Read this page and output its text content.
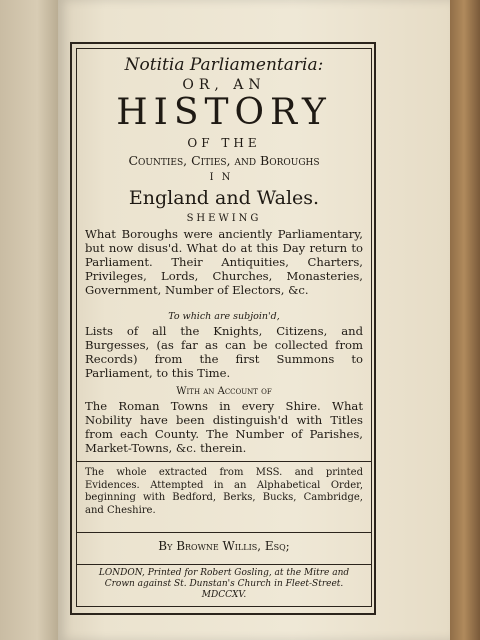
Notitia Parliamentaria:
OR, AN
HISTORY
OF THE
Counties, Cities, and Boroughs
IN
England and Wales.
SHEWING
What Boroughs were anciently Parliamentary, but now disus'd. What do at this Day return to Parliament. Their Antiquities, Charters, Privileges, Lords, Churches, Monasteries, Government, Number of Electors, &c.
To which are subjoin'd,
Lists of all the Knights, Citizens, and Burgesses, (as far as can be collected from Records) from the first Summons to Parliament, to this Time.
With an Account of
The Roman Towns in every Shire. What Nobility have been distinguish'd with Titles from each County. The Number of Parishes, Market-Towns, &c. therein.
The whole extracted from MSS. and printed Evidences. Attempted in an Alphabetical Order, beginning with Bedford, Berks, Bucks, Cambridge, and Cheshire.
By Browne Willis, Esq;
LONDON, Printed for Robert Gosling, at the Mitre and Crown against St. Dunstan's Church in Fleet-Street. MDCCXV.
